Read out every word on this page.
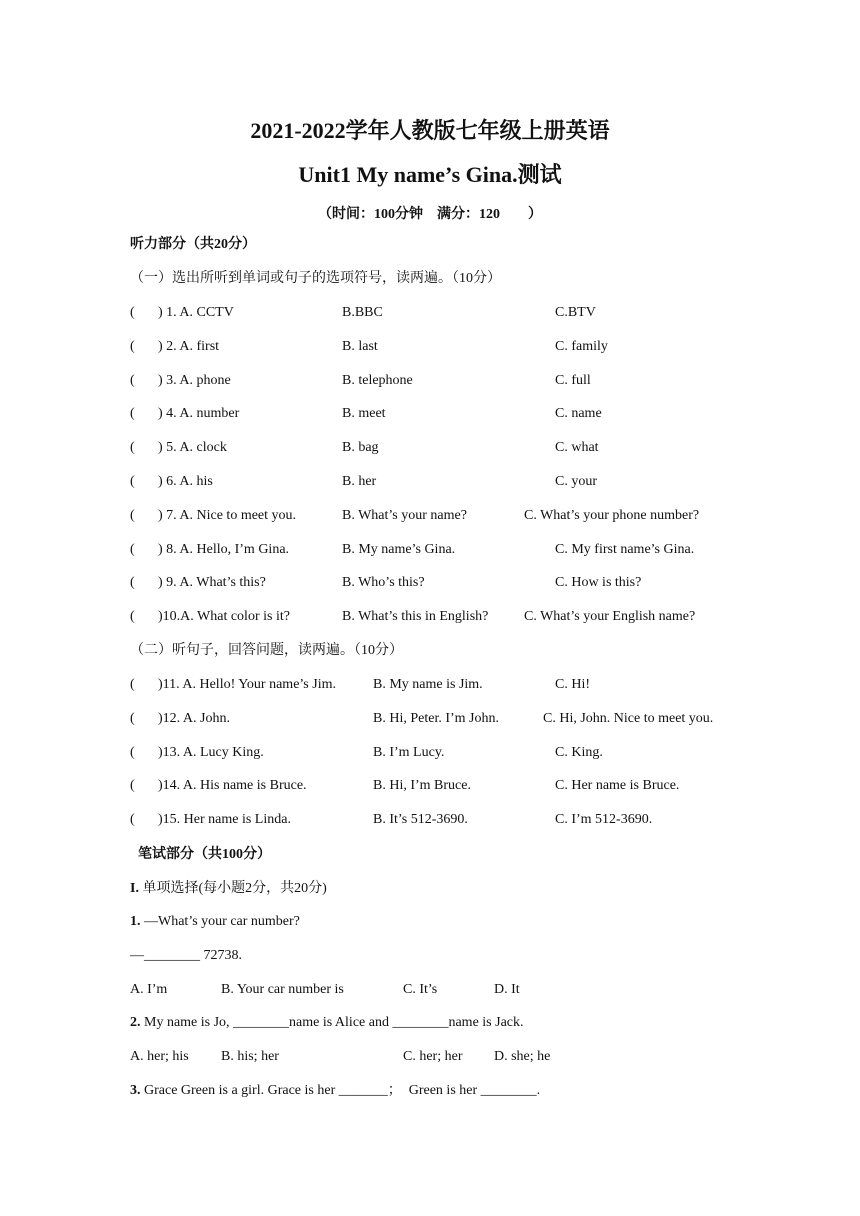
2021-2022学年人教版七年级上册英语
Unit1 My name’s Gina.测试
（时间：100分钟　满分：120　　）
听力部分（共20分）
（一）选出所听到单词或句子的选项符号，读两遍。（10分）
( ) 1. A. CCTV	B.BBC	C.BTV
( ) 2. A. first	B. last	C. family
( ) 3. A. phone	B. telephone	C. full
( ) 4. A. number	B. meet	C. name
( ) 5. A. clock	B. bag	C. what
( ) 6. A. his	B. her	C. your
( ) 7. A. Nice to meet you.	B. What’s your name?	C. What’s your phone number?
( ) 8. A. Hello, I’m Gina.	B. My name’s Gina.	C. My first name’s Gina.
( ) 9. A. What’s this?	B. Who’s this?	C. How is this?
( )10.A. What color is it?	B. What’s this in English?	C. What’s your English name?
（二）听句子，回答问题，读两遍。（10分）
( )11. A. Hello! Your name’s Jim.	B. My name is Jim.	C. Hi!
( )12. A. John.	B. Hi, Peter. I’m John.	C. Hi, John. Nice to meet you.
( )13. A. Lucy King.	B. I’m Lucy.	C. King.
( )14. A. His name is Bruce.	B. Hi, I’m Bruce.	C. Her name is Bruce.
( )15. Her name is Linda.	B. It’s 512-3690.	C. I’m 512-3690.
笔试部分（共100分）
I. 单项选择(每小题2分，共20分)
1. —What’s your car number?
—________ 72738.
A. I’m	B. Your car number is	C. It’s	D. It
2. My name is Jo, ________name is Alice and ________name is Jack.
A. her; his B. his; her	C. her; her D. she; he
3. Grace Green is a girl. Grace is her _______；　Green is her ________.
